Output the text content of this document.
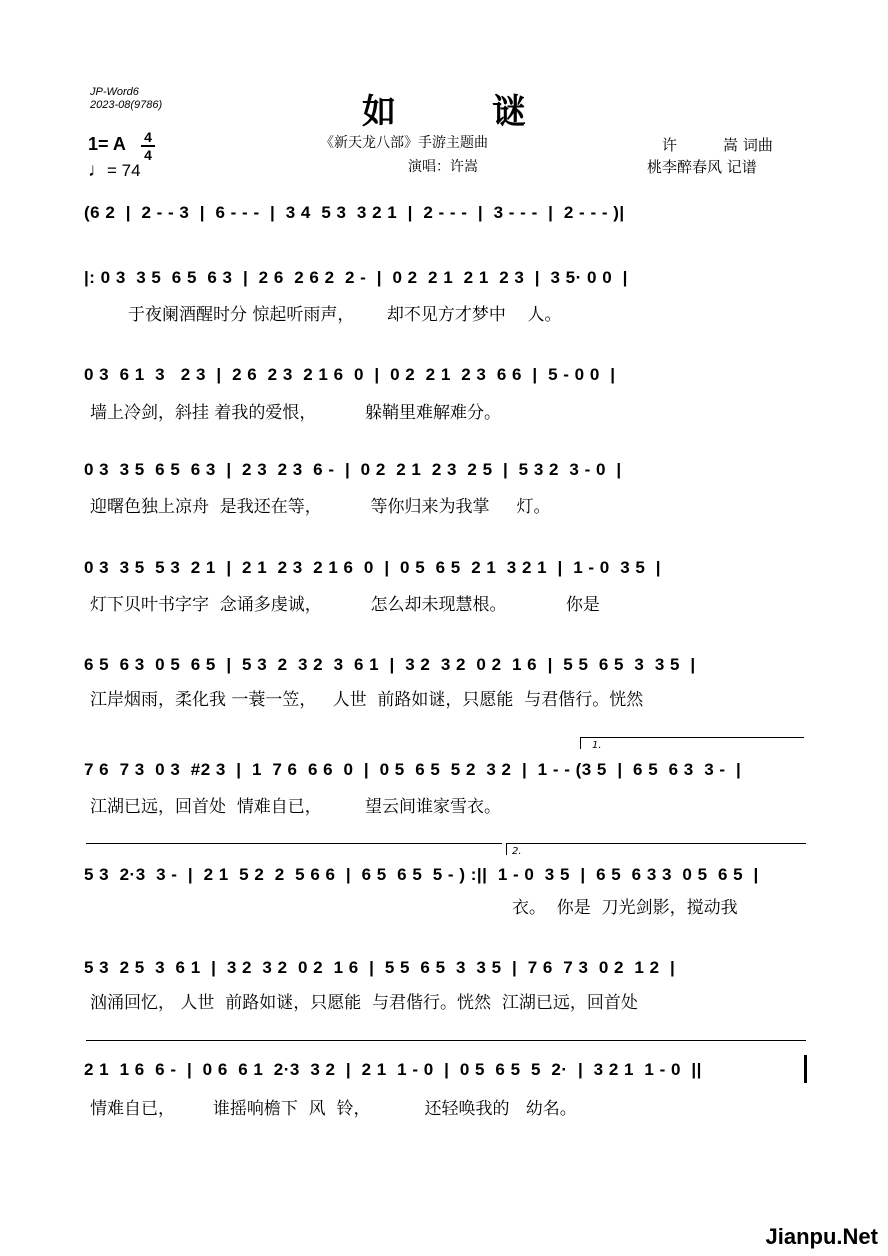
JP-Word6
2023-08(9786)	如谜
1= A 4
4
♩= 74
《新天龙八部》手游主题曲
演唱：许嵩
许	嵩 词曲
桃李醉春风 记谱
(6 2  |  2 - - 3  |  6 - - -  |  3 4  5 3  3 2 1  |  2 - - -  |  3 - - -  |  2 - - - )|
|: 0 3  3 5  6 5  6 3  |  2 6  2 6 2  2 -  |  0 2  2 1  2 1  2 3  |  3 5· 0 0  |
于夜阑酒醒时分 惊起听雨声，      却不见方才梦中    人。
0 3  6 1  3   2 3  |  2 6  2 3  2 1 6  0  |  0 2  2 1  2 3  6 6  |  5 - 0 0  |
墙上冷剑，斜挂 着我的爱恨，         躲鞘里难解难分。
0 3  3 5  6 5  6 3  |  2 3  2 3  6 -  |  0 2  2 1  2 3  2 5  |  5 3 2  3 - 0  |
迎曙色独上凉舟  是我还在等，         等你归来为我掌     灯。
0 3  3 5  5 3  2 1  |  2 1  2 3  2 1 6  0  |  0 5  6 5  2 1  3 2 1  |  1 - 0  3 5  |
灯下贝叶书字字  念诵多虔诚，         怎么却未现慧根。           你是
6 5  6 3  0 5  6 5  |  5 3  2  3 2  3  6 1  |  3 2  3 2  0 2  1 6  |  5 5  6 5  3  3 5  |
江岸烟雨，柔化我 一蓑一笠，   人世  前路如谜，只愿能  与君偕行。恍然
1.
7 6  7 3  0 3  #2 3  |  1  7 6  6 6  0  |  0 5  6 5  5 2  3 2  |  1 - - (3 5  |  6 5  6 3  3 -  |
江湖已远，回首处  情难自已，        望云间谁家雪衣。
2.
5 3  2·3  3 -  |  2 1  5 2  2  5 6 6  |  6 5  6 5  5 - ) :||  1 - 0  3 5  |  6 5  6 3 3  0 5  6 5  |
衣。  你是  刀光剑影，搅动我
5 3  2 5  3  6 1  |  3 2  3 2  0 2  1 6  |  5 5  6 5  3  3 5  |  7 6  7 3  0 2  1 2  |
汹涌回忆， 人世  前路如谜，只愿能  与君偕行。恍然  江湖已远，回首处
2 1  1 6  6 -  |  0 6  6 1  2·3  3 2  |  2 1  1 - 0  |  0 5  6 5  5  2·  |  3 2 1  1 - 0  ||
情难自已，       谁摇响檐下  风  铃，          还轻唤我的   幼名。
Jianpu.Net
